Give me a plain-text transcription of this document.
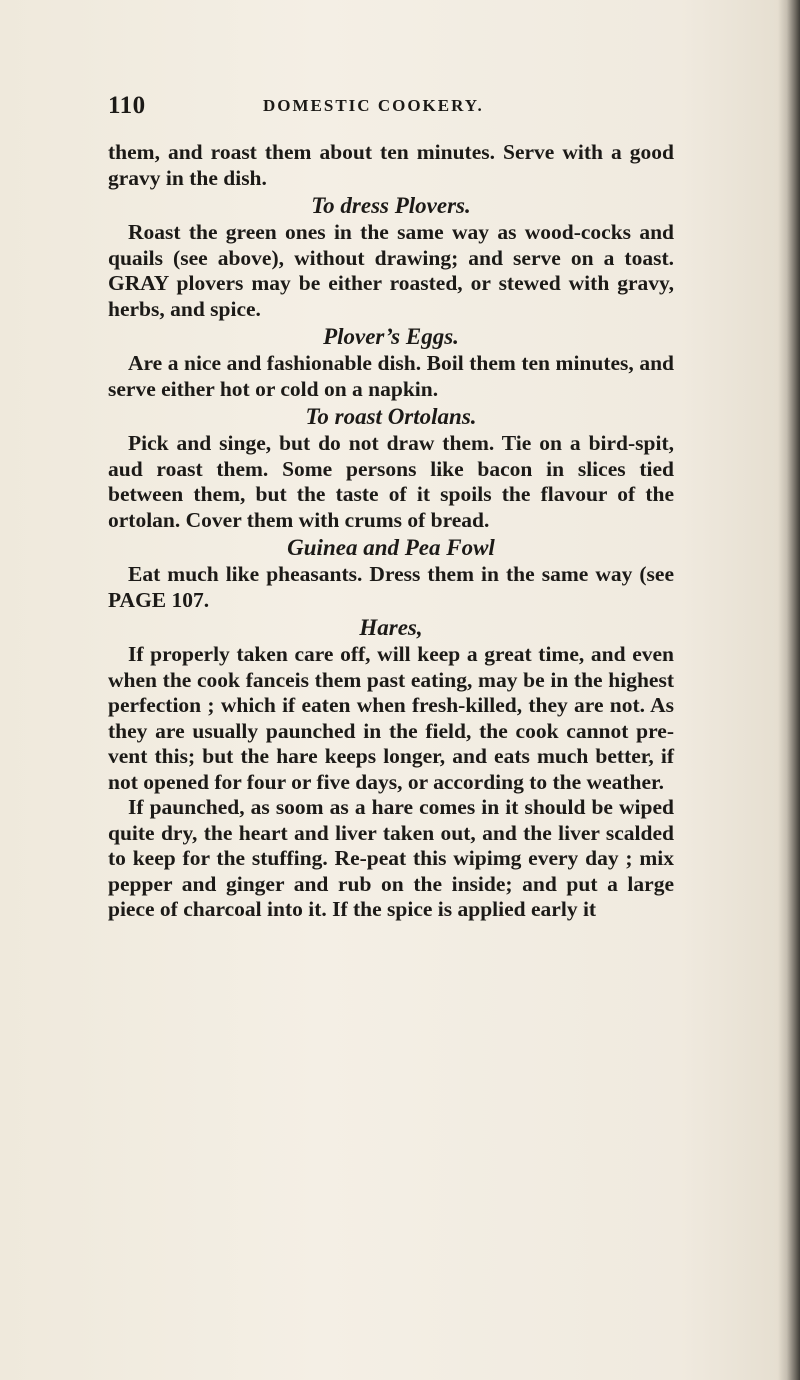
110	DOMESTIC COOKERY.

them, and roast them about ten minutes. Serve with a good gravy in the dish.

To dress Plovers.

Roast the green ones in the same way as wood-cocks and quails (see above), without drawing; and serve on a toast. GRAY plovers may be either roasted, or stewed with gravy, herbs, and spice.

Plover’s Eggs.

Are a nice and fashionable dish. Boil them ten minutes, and serve either hot or cold on a napkin.

To roast Ortolans.

Pick and singe, but do not draw them. Tie on a bird-spit, aud roast them. Some persons like bacon in slices tied between them, but the taste of it spoils the flavour of the ortolan. Cover them with crums of bread.

Guinea and Pea Fowl

Eat much like pheasants. Dress them in the same way (see PAGE 107.

Hares,

If properly taken care off, will keep a great time, and even when the cook fanceis them past eating, may be in the highest perfection ; which if eaten when fresh-killed, they are not. As they are usually paunched in the field, the cook cannot pre-vent this; but the hare keeps longer, and eats much better, if not opened for four or five days, or according to the weather.

If paunched, as soom as a hare comes in it should be wiped quite dry, the heart and liver taken out, and the liver scalded to keep for the stuffing. Re-peat this wipimg every day ; mix pepper and ginger and rub on the inside; and put a large piece of charcoal into it. If the spice is applied early it
